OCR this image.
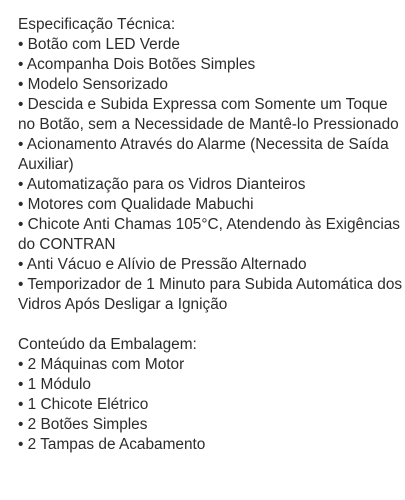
Especificação Técnica:

• Botão com LED Verde

• Acompanha Dois Botões Simples

• Modelo Sensorizado

• Descida e Subida Expressa com Somente um Toque no Botão, sem a Necessidade de Mantê-lo Pressionado

• Acionamento Através do Alarme (Necessita de Saída Auxiliar)

• Automatização para os Vidros Dianteiros

• Motores com Qualidade Mabuchi

• Chicote Anti Chamas 105°C, Atendendo às Exigências do CONTRAN

• Anti Vácuo e Alívio de Pressão Alternado

• Temporizador de 1 Minuto para Subida Automática dos Vidros Após Desligar a Ignição

Conteúdo da Embalagem:

• 2 Máquinas com Motor

• 1 Módulo

• 1 Chicote Elétrico

• 2 Botões Simples

• 2 Tampas de Acabamento
